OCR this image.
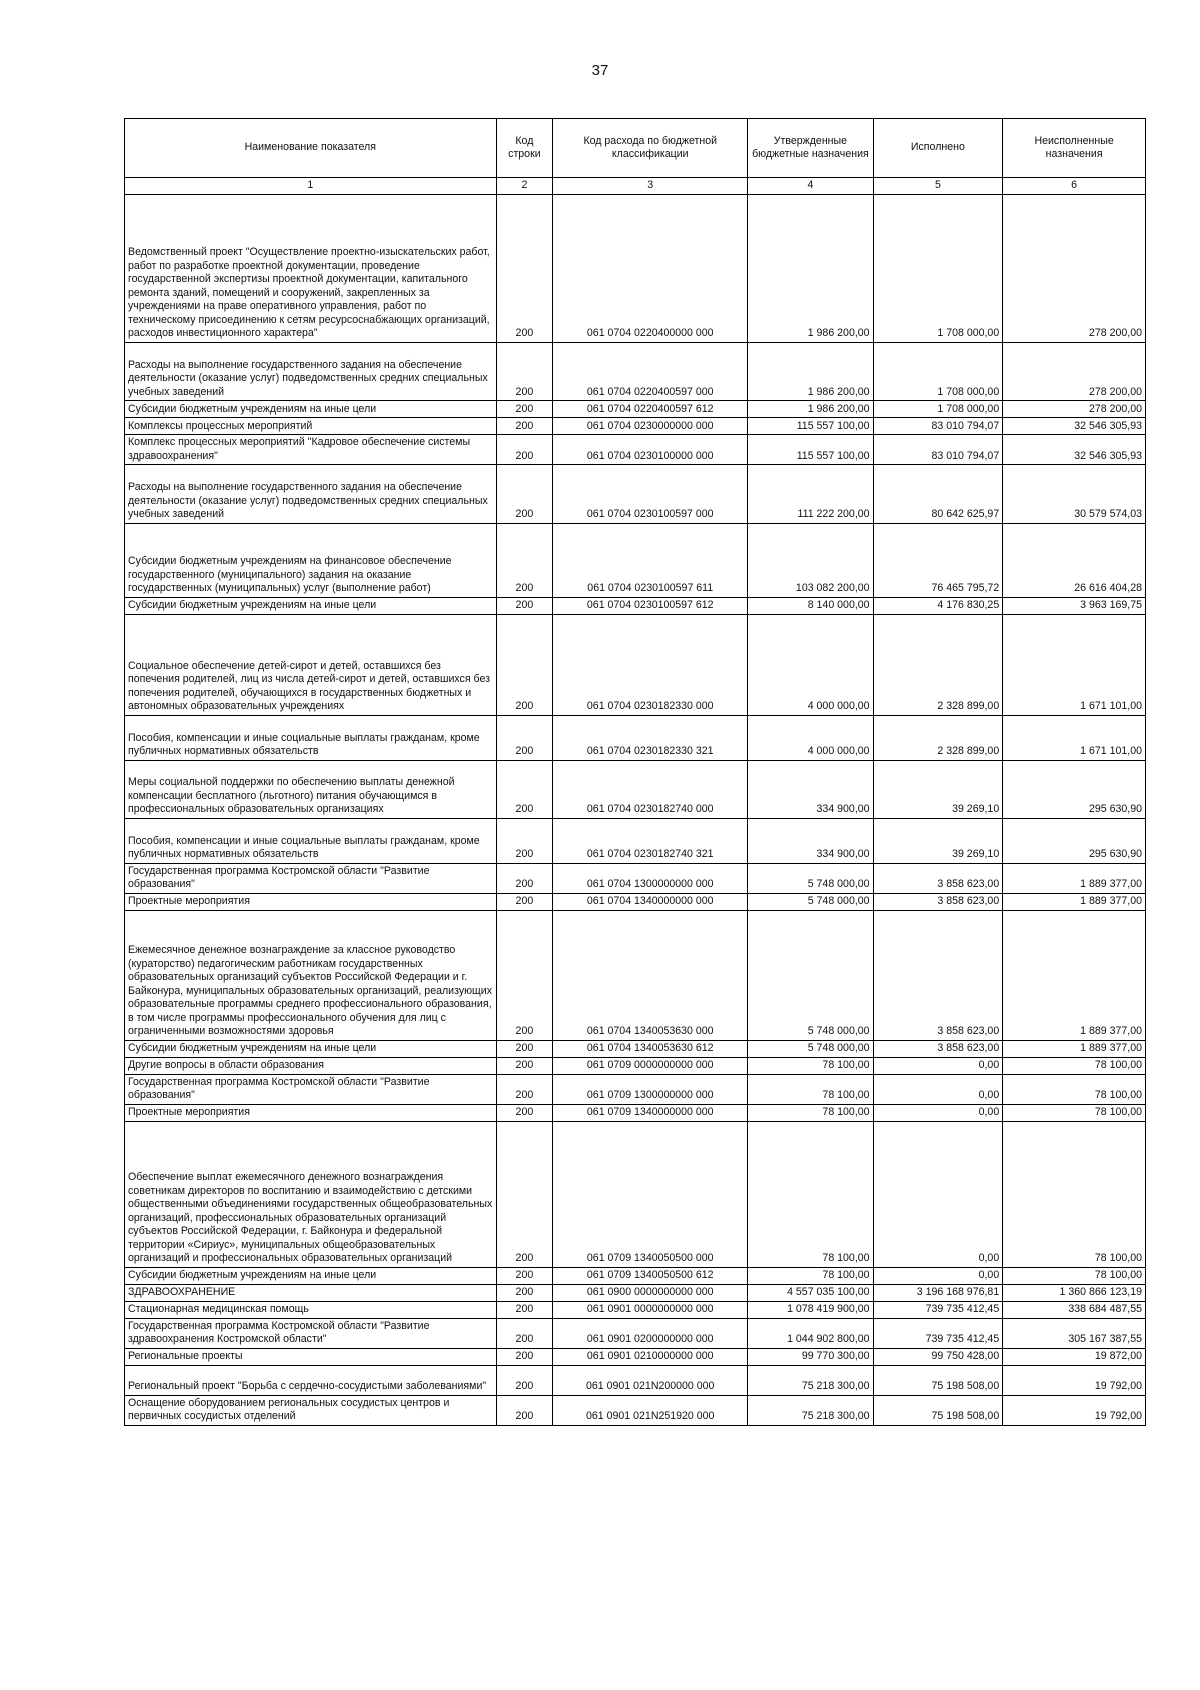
37
Наименование показателя	Код строки	Код расхода по бюджетной классификации	Утвержденные бюджетные назначения	Исполнено	Неисполненные назначения
1	2	3	4	5	6
Ведомственный проект "Осуществление проектно-изыскательских работ, работ по разработке проектной документации, проведение государственной экспертизы проектной документации, капитального ремонта зданий, помещений и сооружений, закрепленных за учреждениями на праве оперативного управления, работ по техническому присоединению к сетям ресурсоснабжающих организаций, расходов инвестиционного характера"	200	061 0704 0220400000 000	1 986 200,00	1 708 000,00	278 200,00
Расходы на выполнение государственного задания на обеспечение деятельности (оказание услуг) подведомственных средних специальных учебных заведений	200	061 0704 0220400597 000	1 986 200,00	1 708 000,00	278 200,00
Субсидии бюджетным учреждениям на иные цели	200	061 0704 0220400597 612	1 986 200,00	1 708 000,00	278 200,00
Комплексы процессных мероприятий	200	061 0704 0230000000 000	115 557 100,00	83 010 794,07	32 546 305,93
Комплекс процессных мероприятий "Кадровое обеспечение системы здравоохранения"	200	061 0704 0230100000 000	115 557 100,00	83 010 794,07	32 546 305,93
Расходы на выполнение государственного задания на обеспечение деятельности (оказание услуг) подведомственных средних специальных учебных заведений	200	061 0704 0230100597 000	111 222 200,00	80 642 625,97	30 579 574,03
Субсидии бюджетным учреждениям на финансовое обеспечение государственного (муниципального) задания на оказание государственных (муниципальных) услуг (выполнение работ)	200	061 0704 0230100597 611	103 082 200,00	76 465 795,72	26 616 404,28
Субсидии бюджетным учреждениям на иные цели	200	061 0704 0230100597 612	8 140 000,00	4 176 830,25	3 963 169,75
Социальное обеспечение детей-сирот и детей, оставшихся без попечения родителей, лиц из числа детей-сирот и детей, оставшихся без попечения родителей, обучающихся в государственных бюджетных и автономных образовательных учреждениях	200	061 0704 0230182330 000	4 000 000,00	2 328 899,00	1 671 101,00
Пособия, компенсации и иные социальные выплаты гражданам, кроме публичных нормативных обязательств	200	061 0704 0230182330 321	4 000 000,00	2 328 899,00	1 671 101,00
Меры социальной поддержки по обеспечению выплаты денежной компенсации бесплатного (льготного) питания обучающимся в профессиональных образовательных организациях	200	061 0704 0230182740 000	334 900,00	39 269,10	295 630,90
Пособия, компенсации и иные социальные выплаты гражданам, кроме публичных нормативных обязательств	200	061 0704 0230182740 321	334 900,00	39 269,10	295 630,90
Государственная программа Костромской области "Развитие образования"	200	061 0704 1300000000 000	5 748 000,00	3 858 623,00	1 889 377,00
Проектные мероприятия	200	061 0704 1340000000 000	5 748 000,00	3 858 623,00	1 889 377,00
Ежемесячное денежное вознаграждение за классное руководство (кураторство) педагогическим работникам государственных образовательных организаций субъектов Российской Федерации и г. Байконура, муниципальных образовательных организаций, реализующих образовательные программы среднего профессионального образования, в том числе программы профессионального обучения для лиц с ограниченными возможностями здоровья	200	061 0704 1340053630 000	5 748 000,00	3 858 623,00	1 889 377,00
Субсидии бюджетным учреждениям на иные цели	200	061 0704 1340053630 612	5 748 000,00	3 858 623,00	1 889 377,00
Другие вопросы в области образования	200	061 0709 0000000000 000	78 100,00	0,00	78 100,00
Государственная программа Костромской области "Развитие образования"	200	061 0709 1300000000 000	78 100,00	0,00	78 100,00
Проектные мероприятия	200	061 0709 1340000000 000	78 100,00	0,00	78 100,00
Обеспечение выплат ежемесячного денежного вознаграждения советникам директоров по воспитанию и взаимодействию с детскими общественными объединениями государственных общеобразовательных организаций, профессиональных образовательных организаций субъектов Российской Федерации, г. Байконура и федеральной территории «Сириус», муниципальных общеобразовательных организаций и профессиональных образовательных организаций	200	061 0709 1340050500 000	78 100,00	0,00	78 100,00
Субсидии бюджетным учреждениям на иные цели	200	061 0709 1340050500 612	78 100,00	0,00	78 100,00
ЗДРАВООХРАНЕНИЕ	200	061 0900 0000000000 000	4 557 035 100,00	3 196 168 976,81	1 360 866 123,19
Стационарная медицинская помощь	200	061 0901 0000000000 000	1 078 419 900,00	739 735 412,45	338 684 487,55
Государственная программа Костромской области "Развитие здравоохранения Костромской области"	200	061 0901 0200000000 000	1 044 902 800,00	739 735 412,45	305 167 387,55
Региональные проекты	200	061 0901 0210000000 000	99 770 300,00	99 750 428,00	19 872,00
Региональный проект "Борьба с сердечно-сосудистыми заболеваниями"	200	061 0901 021N200000 000	75 218 300,00	75 198 508,00	19 792,00
Оснащение оборудованием региональных сосудистых центров и первичных сосудистых отделений	200	061 0901 021N251920 000	75 218 300,00	75 198 508,00	19 792,00
